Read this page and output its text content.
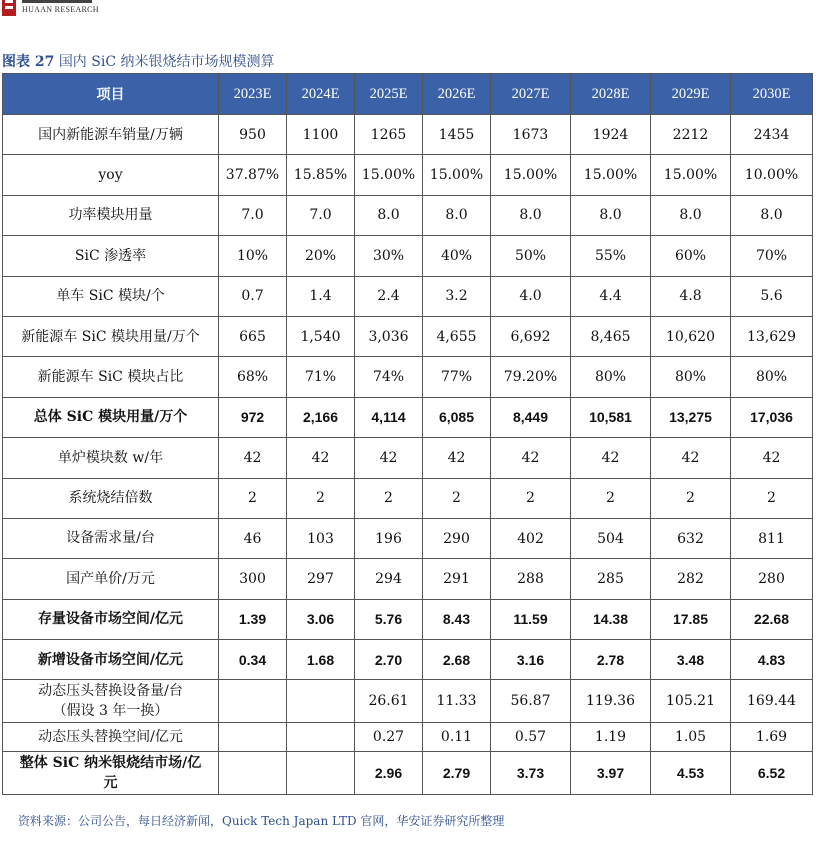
HUAAN RESEARCH
图表 27 国内 SiC 纳米银烧结市场规模测算
项目	2023E	2024E	2025E	2026E	2027E	2028E	2029E	2030E
国内新能源车销量/万辆	950	1100	1265	1455	1673	1924	2212	2434
yoy	37.87%	15.85%	15.00%	15.00%	15.00%	15.00%	15.00%	10.00%
功率模块用量	7.0	7.0	8.0	8.0	8.0	8.0	8.0	8.0
SiC 渗透率	10%	20%	30%	40%	50%	55%	60%	70%
单车 SiC 模块/个	0.7	1.4	2.4	3.2	4.0	4.4	4.8	5.6
新能源车 SiC 模块用量/万个	665	1,540	3,036	4,655	6,692	8,465	10,620	13,629
新能源车 SiC 模块占比	68%	71%	74%	77%	79.20%	80%	80%	80%
总体 SiC 模块用量/万个	972	2,166	4,114	6,085	8,449	10,581	13,275	17,036
单炉模块数 w/年	42	42	42	42	42	42	42	42
系统烧结倍数	2	2	2	2	2	2	2	2
设备需求量/台	46	103	196	290	402	504	632	811
国产单价/万元	300	297	294	291	288	285	282	280
存量设备市场空间/亿元	1.39	3.06	5.76	8.43	11.59	14.38	17.85	22.68
新增设备市场空间/亿元	0.34	1.68	2.70	2.68	3.16	2.78	3.48	4.83
动态压头替换设备量/台
（假设 3 年一换）			26.61	11.33	56.87	119.36	105.21	169.44
动态压头替换空间/亿元			0.27	0.11	0.57	1.19	1.05	1.69
整体 SiC 纳米银烧结市场/亿
元			2.96	2.79	3.73	3.97	4.53	6.52
资料来源：公司公告，每日经济新闻，Quick Tech Japan LTD 官网，华安证券研究所整理
